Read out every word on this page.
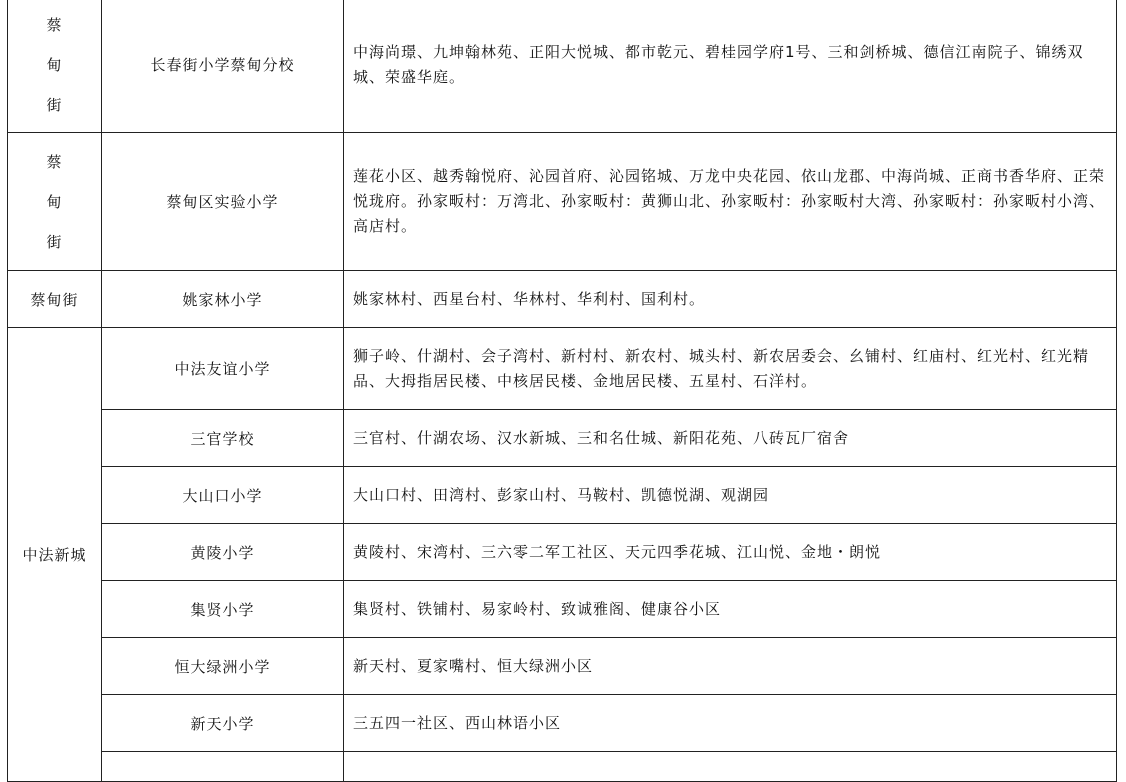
蔡甸街	长春街小学蔡甸分校	中海尚璟、九坤翰林苑、正阳大悦城、都市乾元、碧桂园学府1号、三和剑桥城、德信江南院子、锦绣双城、荣盛华庭。
蔡甸街	蔡甸区实验小学	莲花小区、越秀翰悦府、沁园首府、沁园铭城、万龙中央花园、依山龙郡、中海尚城、正商书香华府、正荣悦珑府。孙家畈村：万湾北、孙家畈村：黄狮山北、孙家畈村：孙家畈村大湾、孙家畈村：孙家畈村小湾、高店村。
蔡甸街	姚家林小学	姚家林村、西星台村、华林村、华利村、国利村。
中法新城	中法友谊小学	狮子岭、什湖村、会子湾村、新村村、新农村、城头村、新农居委会、幺铺村、红庙村、红光村、红光精品、大拇指居民楼、中核居民楼、金地居民楼、五星村、石洋村。
	三官学校	三官村、什湖农场、汉水新城、三和名仕城、新阳花苑、八砖瓦厂宿舍
	大山口小学	大山口村、田湾村、彭家山村、马鞍村、凯德悦湖、观湖园
	黄陵小学	黄陵村、宋湾村、三六零二军工社区、天元四季花城、江山悦、金地・朗悦
	集贤小学	集贤村、铁铺村、易家岭村、致诚雅阁、健康谷小区
	恒大绿洲小学	新天村、夏家嘴村、恒大绿洲小区
	新天小学	三五四一社区、西山林语小区
